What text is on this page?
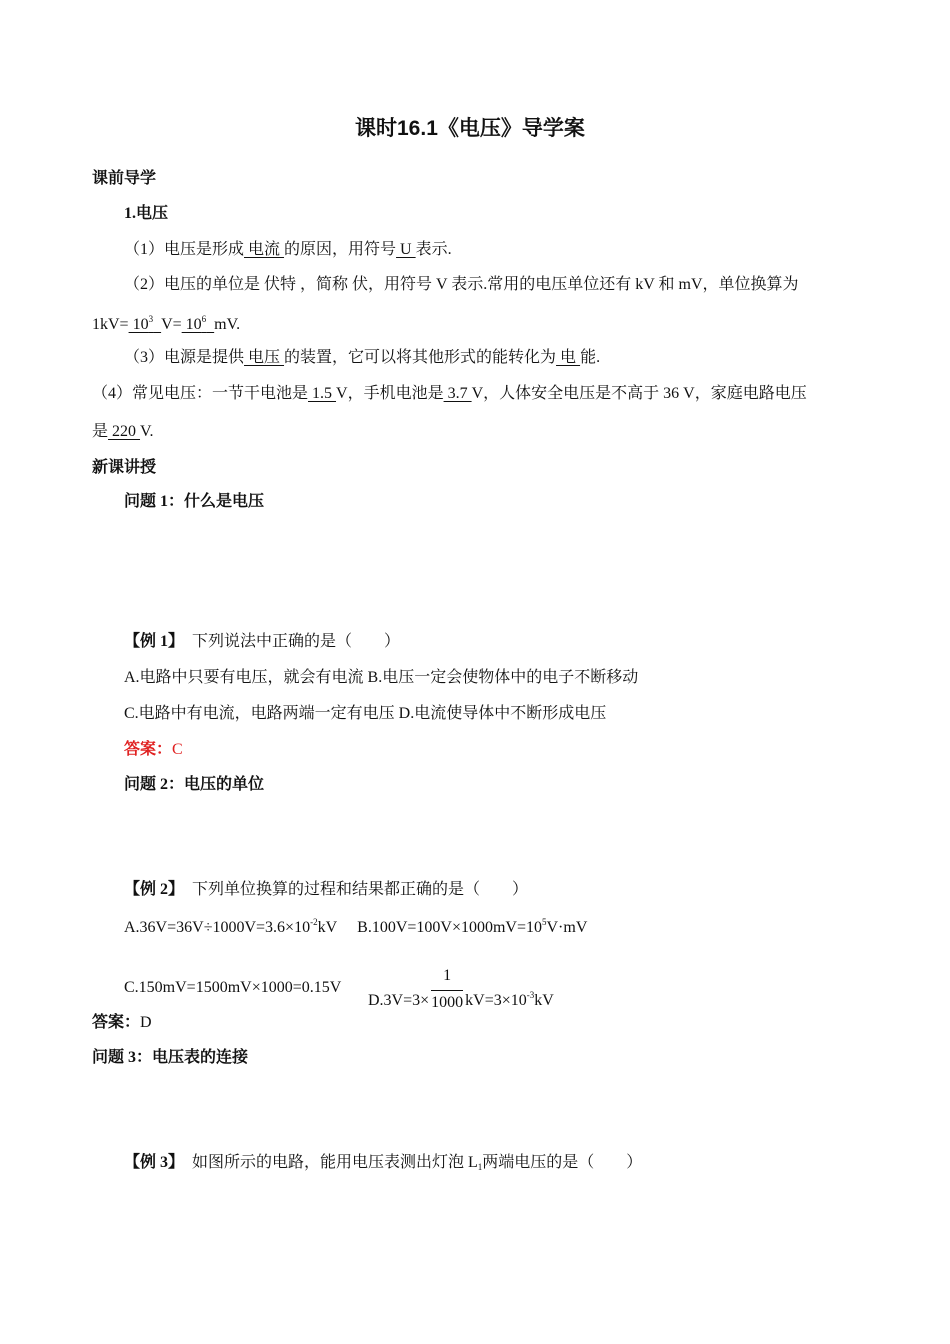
课时16.1《电压》导学案
课前导学
1.电压
（1）电压是形成 电流 的原因，用符号 U 表示.
（2）电压的单位是 伏特 ，简称 伏，用符号 V 表示.常用的电压单位还有 kV 和 mV，单位换算为
$1kV= 10^3$ $V= 10^6$ mV.
（3）电源是提供 电压 的装置，它可以将其他形式的能转化为 电 能.
（4）常见电压：一节干电池是 1.5 V，手机电池是 3.7 V，人体安全电压是不高于 36 V，家庭电路电压
是 220 V.
新课讲授
问题 1：什么是电压
【例 1】 下列说法中正确的是（　　）
A.电路中只要有电压，就会有电流 B.电压一定会使物体中的电子不断移动
C.电路中有电流，电路两端一定有电压 D.电流使导体中不断形成电压
答案：C
问题 2：电压的单位
【例 2】 下列单位换算的过程和结果都正确的是（　　）
$A.36V=36V\div 1000V=3.6\times 10^{-2}kV$ $B.100V=100V\times 1000mV=10^5V\cdot mV$
C.150mV=1500mV×1000=0.15V
$D.3V=3\times \frac{1}{1000} kV=3\times 10^{-3}kV$
答案：D
问题 3：电压表的连接
【例 3】 如图所示的电路，能用电压表测出灯泡 $L_1$两端电压的是（　　）
